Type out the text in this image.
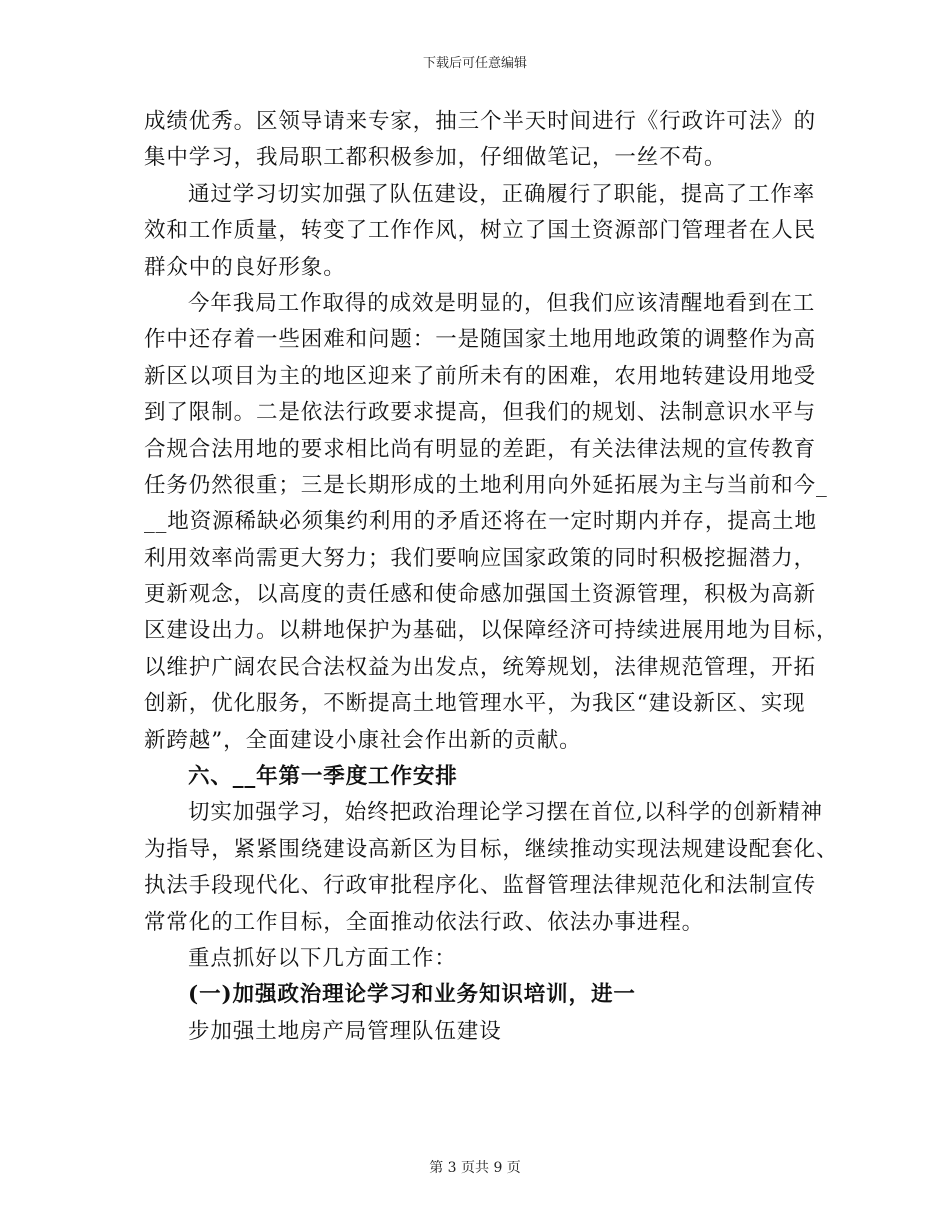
下载后可任意编辑
成绩优秀。区领导请来专家，抽三个半天时间进行《行政许可法》的
集中学习，我局职工都积极参加，仔细做笔记，一丝不苟。
通过学习切实加强了队伍建设，正确履行了职能，提高了工作率
效和工作质量，转变了工作作风，树立了国土资源部门管理者在人民
群众中的良好形象。
今年我局工作取得的成效是明显的，但我们应该清醒地看到在工
作中还存着一些困难和问题：一是随国家土地用地政策的调整作为高
新区以项目为主的地区迎来了前所未有的困难，农用地转建设用地受
到了限制。二是依法行政要求提高，但我们的规划、法制意识水平与
合规合法用地的要求相比尚有明显的差距，有关法律法规的宣传教育
任务仍然很重；三是长期形成的土地利用向外延拓展为主与当前和今_
__地资源稀缺必须集约利用的矛盾还将在一定时期内并存，提高土地
利用效率尚需更大努力；我们要响应国家政策的同时积极挖掘潜力，
更新观念，以高度的责任感和使命感加强国土资源管理，积极为高新
区建设出力。以耕地保护为基础，以保障经济可持续进展用地为目标，
以维护广阔农民合法权益为出发点，统筹规划，法律规范管理，开拓
创新，优化服务，不断提高土地管理水平，为我区“建设新区、实现
新跨越”，全面建设小康社会作出新的贡献。
六、__年第一季度工作安排
切实加强学习，始终把政治理论学习摆在首位,以科学的创新精神
为指导，紧紧围绕建设高新区为目标，继续推动实现法规建设配套化、
执法手段现代化、行政审批程序化、监督管理法律规范化和法制宣传
常常化的工作目标，全面推动依法行政、依法办事进程。
重点抓好以下几方面工作：
(一)加强政治理论学习和业务知识培训，进一
步加强土地房产局管理队伍建设
第 3 页共 9 页
